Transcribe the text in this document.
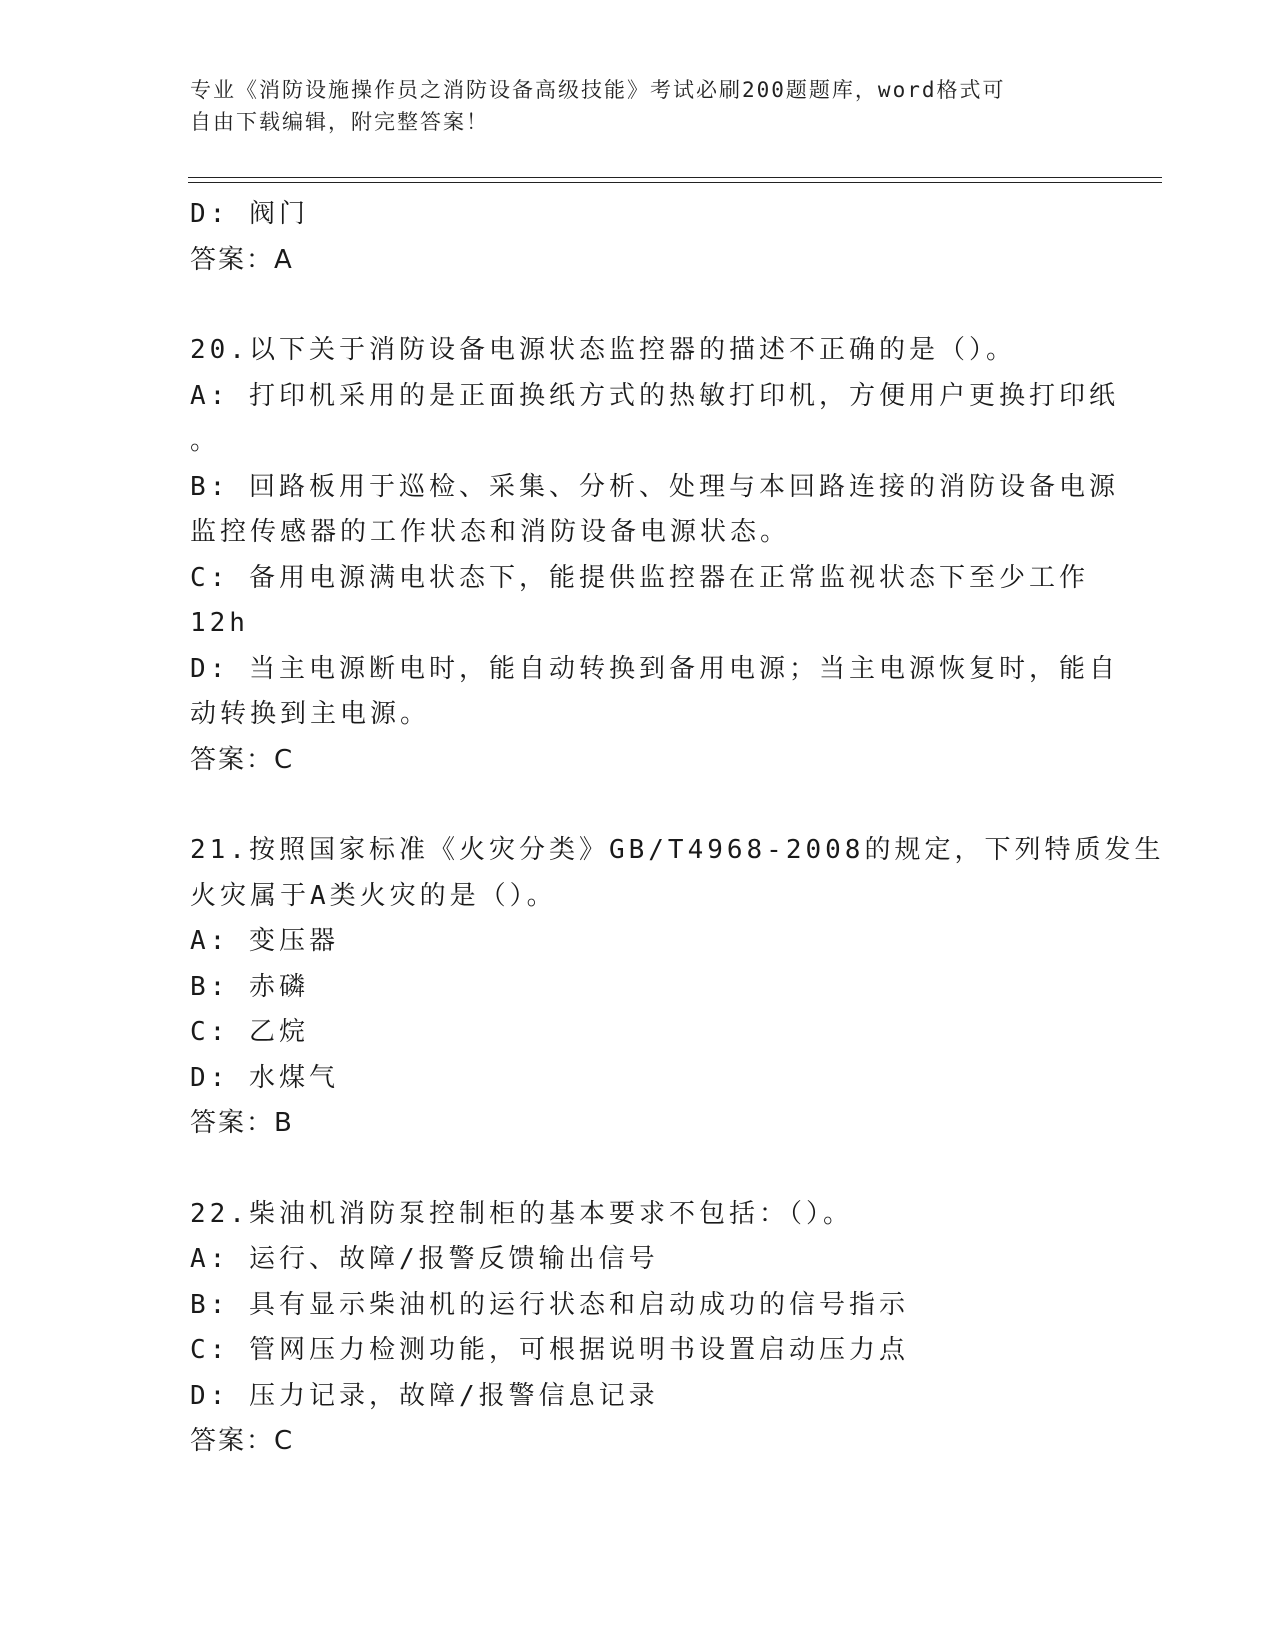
专业《消防设施操作员之消防设备高级技能》考试必刷200题题库，word格式可
自由下载编辑，附完整答案！
D: 阀门
答案：A
20.以下关于消防设备电源状态监控器的描述不正确的是（）。
A: 打印机采用的是正面换纸方式的热敏打印机，方便用户更换打印纸
。
B: 回路板用于巡检、采集、分析、处理与本回路连接的消防设备电源
监控传感器的工作状态和消防设备电源状态。
C: 备用电源满电状态下，能提供监控器在正常监视状态下至少工作
12h
D: 当主电源断电时，能自动转换到备用电源；当主电源恢复时，能自
动转换到主电源。
答案：C
21.按照国家标准《火灾分类》GB/T4968-2008的规定，下列特质发生
火灾属于A类火灾的是（）。
A: 变压器
B: 赤磷
C: 乙烷
D: 水煤气
答案：B
22.柴油机消防泵控制柜的基本要求不包括：（）。
A: 运行、故障/报警反馈输出信号
B: 具有显示柴油机的运行状态和启动成功的信号指示
C: 管网压力检测功能，可根据说明书设置启动压力点
D: 压力记录，故障/报警信息记录
答案：C
